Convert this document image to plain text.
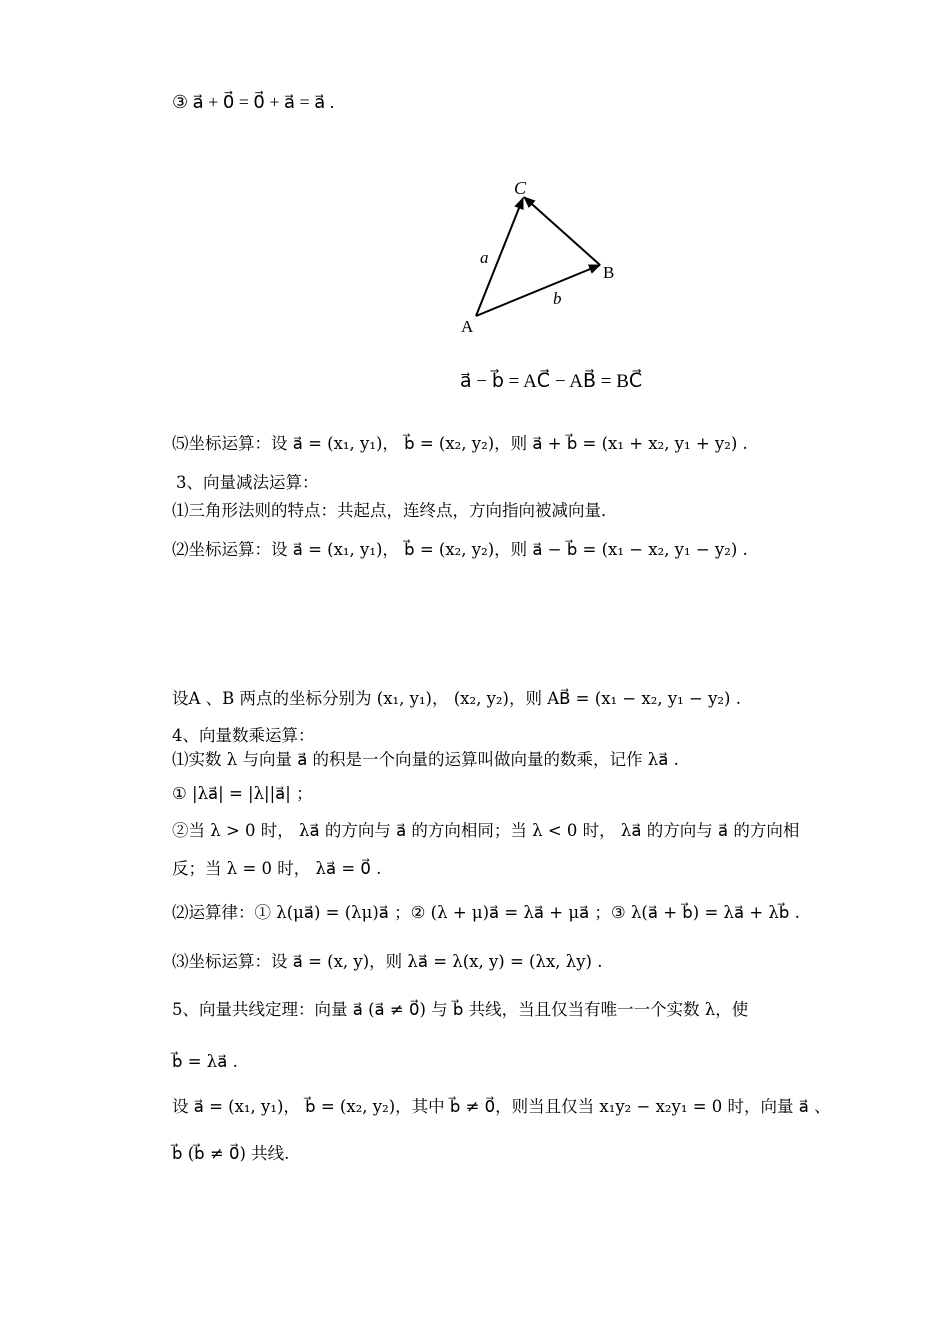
③ a⃗ + 0⃗ = 0⃗ + a⃗ = a⃗ .
C
B
A
a⃗
b⃗
a⃗ − b⃗ = AC⃗ − AB⃗ = BC⃗
⑸坐标运算：设 a⃗ = (x₁, y₁)， b⃗ = (x₂, y₂)，则 a⃗ + b⃗ = (x₁ + x₂, y₁ + y₂) .
3、向量减法运算：
⑴三角形法则的特点：共起点，连终点，方向指向被减向量．
⑵坐标运算：设 a⃗ = (x₁, y₁)， b⃗ = (x₂, y₂)，则 a⃗ − b⃗ = (x₁ − x₂, y₁ − y₂) .
设A 、B 两点的坐标分别为 (x₁, y₁)， (x₂, y₂)，则 AB⃗ = (x₁ − x₂, y₁ − y₂) .
4、向量数乘运算：
⑴实数 λ 与向量 a⃗ 的积是一个向量的运算叫做向量的数乘，记作 λa⃗ .
① |λa⃗| = |λ||a⃗| ；
②当 λ > 0 时， λa⃗ 的方向与 a⃗ 的方向相同；当 λ < 0 时， λa⃗ 的方向与 a⃗ 的方向相
反；当 λ = 0 时， λa⃗ = 0⃗ .
⑵运算律：① λ(μa⃗) = (λμ)a⃗ ；② (λ + μ)a⃗ = λa⃗ + μa⃗ ；③ λ(a⃗ + b⃗) = λa⃗ + λb⃗ .
⑶坐标运算：设 a⃗ = (x, y)，则 λa⃗ = λ(x, y) = (λx, λy) .
5、向量共线定理：向量 a⃗ (a⃗ ≠ 0⃗) 与 b⃗ 共线，当且仅当有唯一一个实数 λ，使
b⃗ = λa⃗ .
设 a⃗ = (x₁, y₁)， b⃗ = (x₂, y₂)，其中 b⃗ ≠ 0⃗，则当且仅当 x₁y₂ − x₂y₁ = 0 时，向量 a⃗ 、
b⃗ (b⃗ ≠ 0⃗) 共线.
